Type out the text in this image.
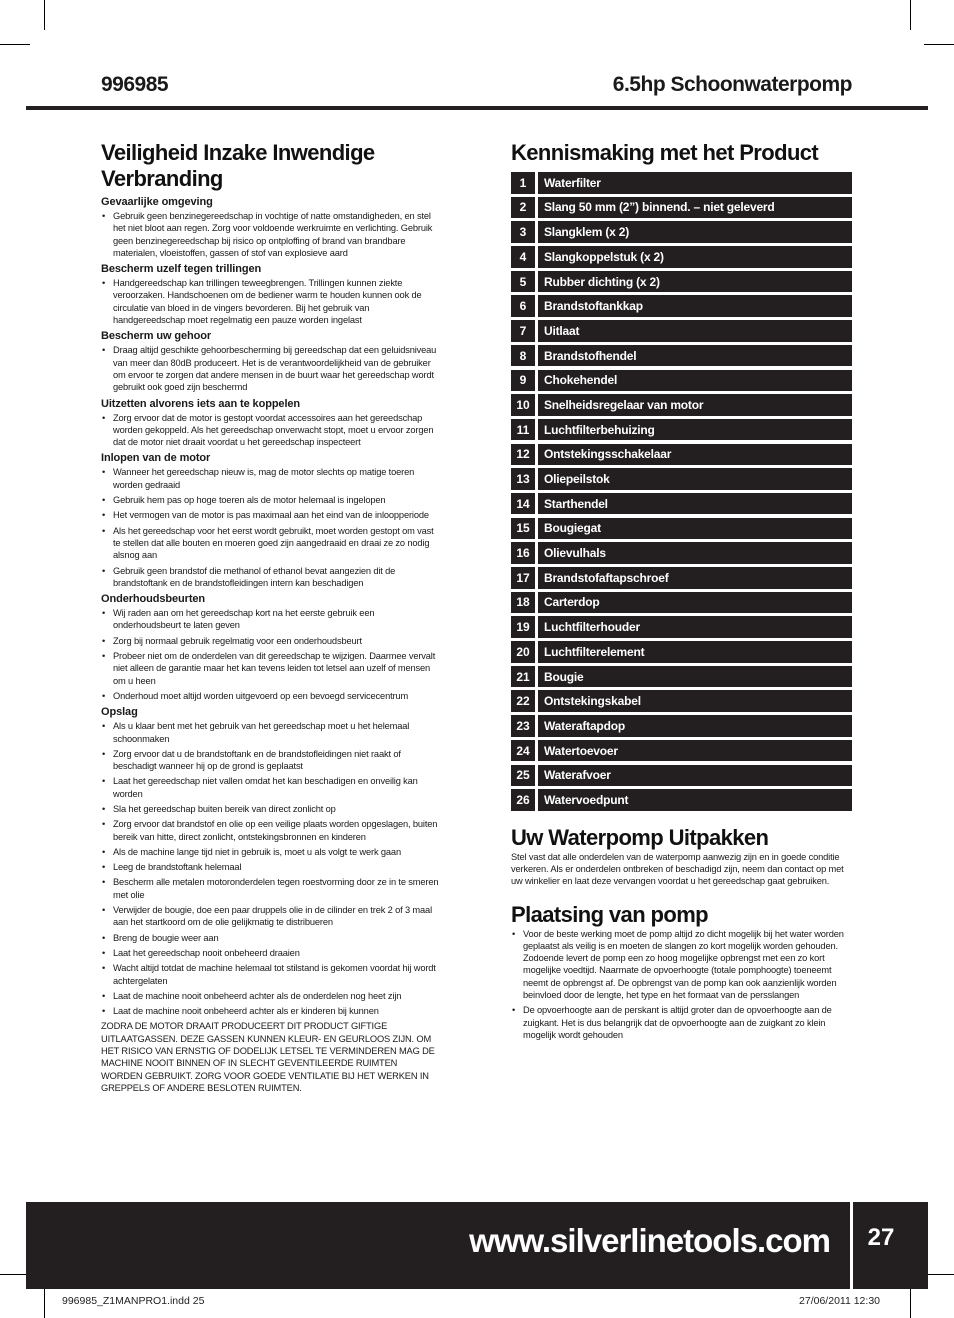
996985	6.5hp Schoonwaterpomp
Veiligheid Inzake Inwendige Verbranding
Gevaarlijke omgeving
• Gebruik geen benzinegereedschap in vochtige of natte omstandigheden, en stel het niet bloot aan regen. Zorg voor voldoende werkruimte en verlichting. Gebruik geen benzinegereedschap bij risico op ontploffing of brand van brandbare materialen, vloeistoffen, gassen of stof van explosieve aard
Bescherm uzelf tegen trillingen
• Handgereedschap kan trillingen teweegbrengen. Trillingen kunnen ziekte veroorzaken. Handschoenen om de bediener warm te houden kunnen ook de circulatie van bloed in de vingers bevorderen. Bij het gebruik van handgereedschap moet regelmatig een pauze worden ingelast
Bescherm uw gehoor
• Draag altijd geschikte gehoorbescherming bij gereedschap dat een geluidsniveau van meer dan 80dB produceert. Het is de verantwoordelijkheid van de gebruiker om ervoor te zorgen dat andere mensen in de buurt waar het gereedschap wordt gebruikt ook goed zijn beschermd
Uitzetten alvorens iets aan te koppelen
• Zorg ervoor dat de motor is gestopt voordat accessoires aan het gereedschap worden gekoppeld. Als het gereedschap onverwacht stopt, moet u ervoor zorgen dat de motor niet draait voordat u het gereedschap inspecteert
Inlopen van de motor
• Wanneer het gereedschap nieuw is, mag de motor slechts op matige toeren worden gedraaid
• Gebruik hem pas op hoge toeren als de motor helemaal is ingelopen
• Het vermogen van de motor is pas maximaal aan het eind van de inloopperiode
• Als het gereedschap voor het eerst wordt gebruikt, moet worden gestopt om vast te stellen dat alle bouten en moeren goed zijn aangedraaid en draai ze zo nodig alsnog aan
• Gebruik geen brandstof die methanol of ethanol bevat aangezien dit de brandstoftank en de brandstofleidingen intern kan beschadigen
Onderhoudsbeurten
• Wij raden aan om het gereedschap kort na het eerste gebruik een onderhoudsbeurt te laten geven
• Zorg bij normaal gebruik regelmatig voor een onderhoudsbeurt
• Probeer niet om de onderdelen van dit gereedschap te wijzigen. Daarmee vervalt niet alleen de garantie maar het kan tevens leiden tot letsel aan uzelf of mensen om u heen
• Onderhoud moet altijd worden uitgevoerd op een bevoegd servicecentrum
Opslag
• Als u klaar bent met het gebruik van het gereedschap moet u het helemaal schoonmaken
• Zorg ervoor dat u de brandstoftank en de brandstofleidingen niet raakt of beschadigt wanneer hij op de grond is geplaatst
• Laat het gereedschap niet vallen omdat het kan beschadigen en onveilig kan worden
• Sla het gereedschap buiten bereik van direct zonlicht op
• Zorg ervoor dat brandstof en olie op een veilige plaats worden opgeslagen, buiten bereik van hitte, direct zonlicht, ontstekingsbronnen en kinderen
• Als de machine lange tijd niet in gebruik is, moet u als volgt te werk gaan
• Leeg de brandstoftank helemaal
• Bescherm alle metalen motoronderdelen tegen roestvorming door ze in te smeren met olie
• Verwijder de bougie, doe een paar druppels olie in de cilinder en trek 2 of 3 maal aan het startkoord om de olie gelijkmatig te distribueren
• Breng de bougie weer aan
• Laat het gereedschap nooit onbeheerd draaien
• Wacht altijd totdat de machine helemaal tot stilstand is gekomen voordat hij wordt achtergelaten
• Laat de machine nooit onbeheerd achter als de onderdelen nog heet zijn
• Laat de machine nooit onbeheerd achter als er kinderen bij kunnen
ZODRA DE MOTOR DRAAIT PRODUCEERT DIT PRODUCT GIFTIGE UITLAATGASSEN. DEZE GASSEN KUNNEN KLEUR- EN GEURLOOS ZIJN. OM HET RISICO VAN ERNSTIG OF DODELIJK LETSEL TE VERMINDEREN MAG DE MACHINE NOOIT BINNEN OF IN SLECHT GEVENTILEERDE RUIMTEN WORDEN GEBRUIKT. ZORG VOOR GOEDE VENTILATIE BIJ HET WERKEN IN GREPPELS OF ANDERE BESLOTEN RUIMTEN.
Kennismaking met het Product
1	Waterfilter
2	Slang 50 mm (2”) binnend. – niet geleverd
3	Slangklem (x 2)
4	Slangkoppelstuk (x 2)
5	Rubber dichting (x 2)
6	Brandstoftankkap
7	Uitlaat
8	Brandstofhendel
9	Chokehendel
10	Snelheidsregelaar van motor
11	Luchtfilterbehuizing
12	Ontstekingsschakelaar
13	Oliepeilstok
14	Starthendel
15	Bougiegat
16	Olievulhals
17	Brandstofaftapschroef
18	Carterdop
19	Luchtfilterhouder
20	Luchtfilterelement
21	Bougie
22	Ontstekingskabel
23	Wateraftapdop
24	Watertoevoer
25	Waterafvoer
26	Watervoedpunt
Uw Waterpomp Uitpakken
Stel vast dat alle onderdelen van de waterpomp aanwezig zijn en in goede conditie verkeren. Als er onderdelen ontbreken of beschadigd zijn, neem dan contact op met uw winkelier en laat deze vervangen voordat u het gereedschap gaat gebruiken.
Plaatsing van pomp
• Voor de beste werking moet de pomp altijd zo dicht mogelijk bij het water worden geplaatst als veilig is en moeten de slangen zo kort mogelijk worden gehouden. Zodoende levert de pomp een zo hoog mogelijke opbrengst met een zo kort mogelijke voedtijd. Naarmate de opvoerhoogte (totale pomphoogte) toeneemt neemt de opbrengst af. De opbrengst van de pomp kan ook aanzienlijk worden beinvloed door de lengte, het type en het formaat van de persslangen
• De opvoerhoogte aan de perskant is altijd groter dan de opvoerhoogte aan de zuigkant. Het is dus belangrijk dat de opvoerhoogte aan de zuigkant zo klein mogelijk wordt gehouden
www.silverlinetools.com	27
996985_Z1MANPRO1.indd 25	27/06/2011 12:30
